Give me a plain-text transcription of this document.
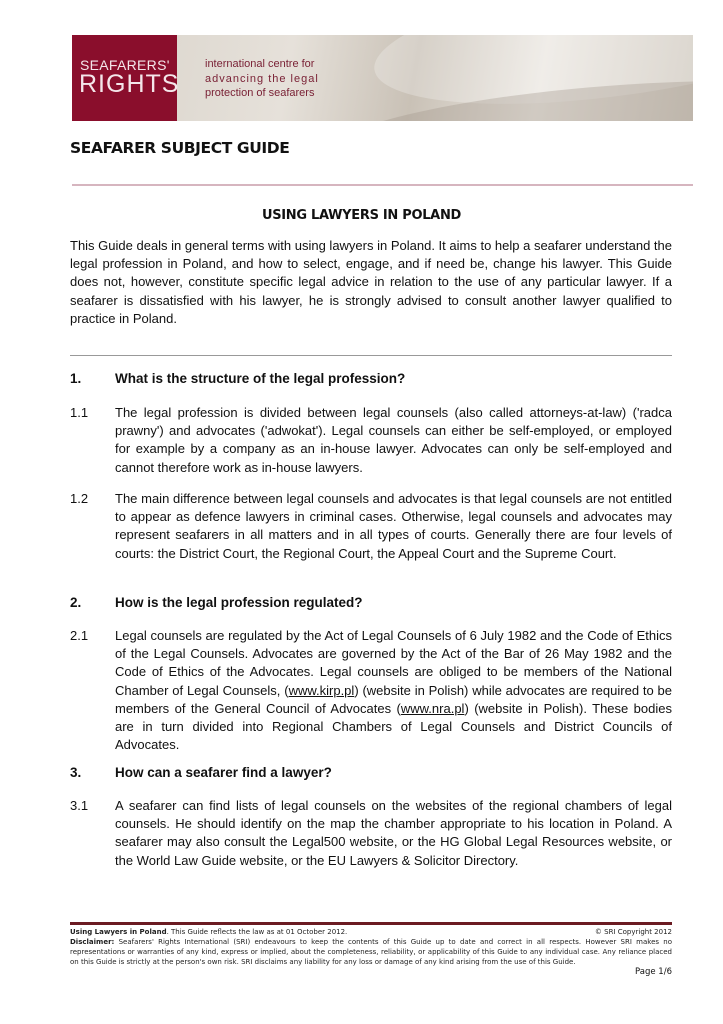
SEAFARERS'
RIGHTS
international centre for
advancing the legal
protection of seafarers
SEAFARER SUBJECT GUIDE
USING LAWYERS IN POLAND
This Guide deals in general terms with using lawyers in Poland. It aims to help a seafarer understand the legal profession in Poland, and how to select, engage, and if need be, change his lawyer. This Guide does not, however, constitute specific legal advice in relation to the use of any particular lawyer. If a seafarer is dissatisfied with his lawyer, he is strongly advised to consult another lawyer qualified to practice in Poland.
1. What is the structure of the legal profession?
1.1 The legal profession is divided between legal counsels (also called attorneys-at-law) ('radca prawny') and advocates ('adwokat'). Legal counsels can either be self-employed, or employed for example by a company as an in-house lawyer. Advocates can only be self-employed and cannot therefore work as in-house lawyers.
1.2 The main difference between legal counsels and advocates is that legal counsels are not entitled to appear as defence lawyers in criminal cases. Otherwise, legal counsels and advocates may represent seafarers in all matters and in all types of courts. Generally there are four levels of courts: the District Court, the Regional Court, the Appeal Court and the Supreme Court.
2. How is the legal profession regulated?
2.1 Legal counsels are regulated by the Act of Legal Counsels of 6 July 1982 and the Code of Ethics of the Legal Counsels. Advocates are governed by the Act of the Bar of 26 May 1982 and the Code of Ethics of the Advocates. Legal counsels are obliged to be members of the National Chamber of Legal Counsels, (www.kirp.pl) (website in Polish) while advocates are required to be members of the General Council of Advocates (www.nra.pl) (website in Polish). These bodies are in turn divided into Regional Chambers of Legal Counsels and District Councils of Advocates.
3. How can a seafarer find a lawyer?
3.1 A seafarer can find lists of legal counsels on the websites of the regional chambers of legal counsels. He should identify on the map the chamber appropriate to his location in Poland. A seafarer may also consult the Legal500 website, or the HG Global Legal Resources website, or the World Law Guide website, or the EU Lawyers & Solicitor Directory.
Using Lawyers in Poland. This Guide reflects the law as at 01 October 2012.	© SRI Copyright 2012
Disclaimer: Seafarers' Rights International (SRI) endeavours to keep the contents of this Guide up to date and correct in all respects. However SRI makes no representations or warranties of any kind, express or implied, about the completeness, reliability, or applicability of this Guide to any individual case. Any reliance placed on this Guide is strictly at the person's own risk. SRI disclaims any liability for any loss or damage of any kind arising from the use of this Guide.
Page 1/6
